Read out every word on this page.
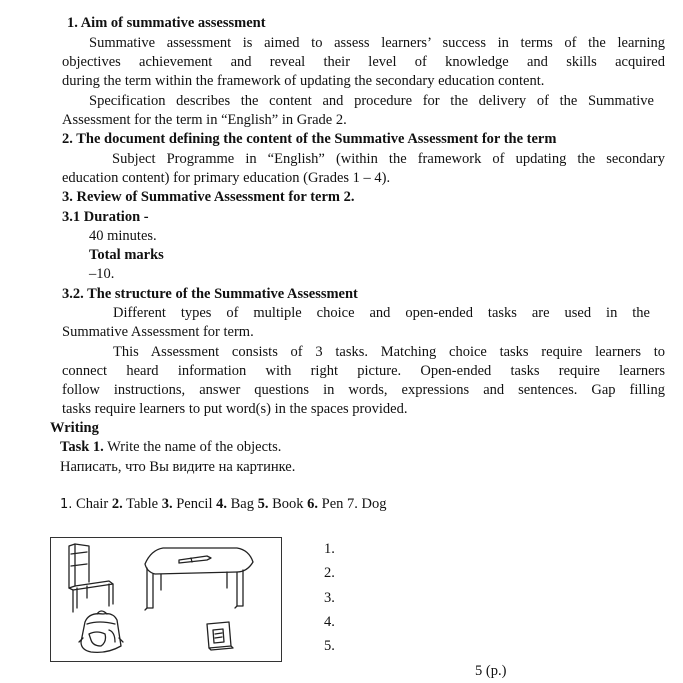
1. Aim of summative assessment
Summative assessment is aimed to assess learners’ success in terms of the learning
objectives achievement and reveal their level of knowledge and skills acquired
during the term within the framework of updating the secondary education content.
Specification describes the content and procedure for the delivery of the Summative
Assessment for the term in “English” in Grade 2.
2. The document defining the content of the Summative Assessment for the term
Subject Programme in “English” (within the framework of updating the secondary
education content) for primary education (Grades 1 – 4).
3. Review of Summative Assessment for term 2.
3.1 Duration -
40 minutes.
Total marks
–10.
3.2. The structure of the Summative Assessment
Different types of multiple choice and open-ended tasks are used in the
Summative Assessment for term.
This Assessment consists of 3 tasks. Matching choice tasks require learners to
connect heard information with right picture. Open-ended tasks require learners
follow instructions, answer questions in words, expressions and sentences. Gap filling
tasks require learners to put word(s) in the spaces provided.
Writing
Task 1. Write the name of the objects.
Написать, что Вы видите на картинке.
1. Chair 2. Table 3. Pencil 4. Bag 5. Book 6. Pen 7. Dog
1.
2.
3.
4.
5.
5 (p.)
